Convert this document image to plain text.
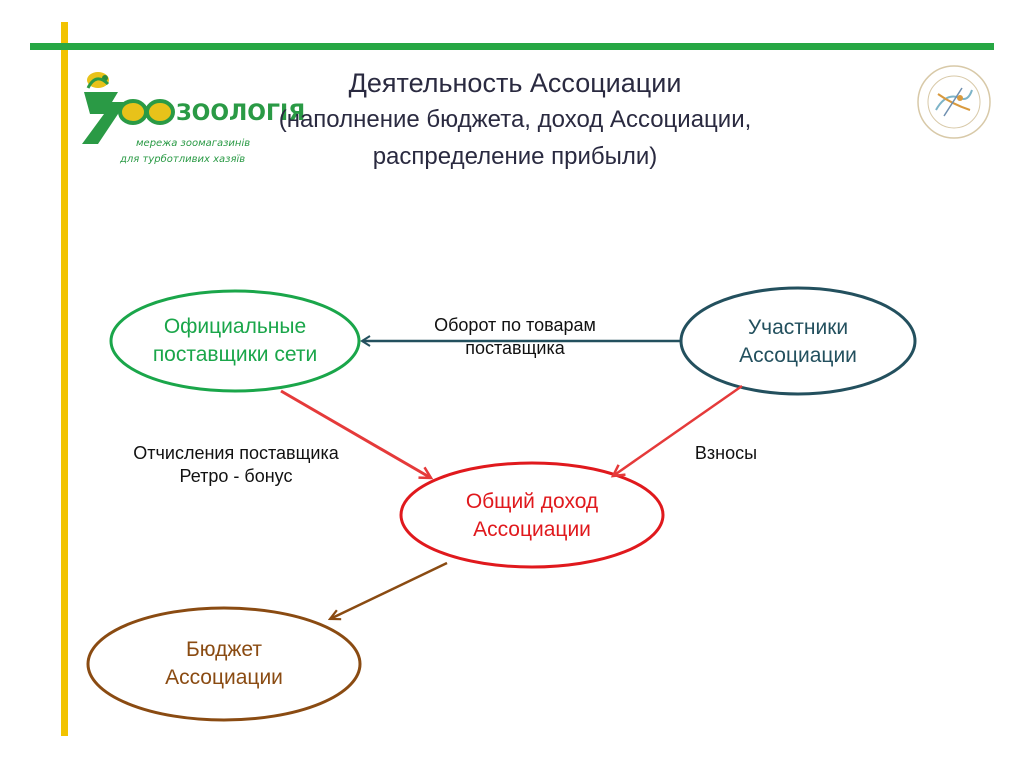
ЗООЛОГІЯ
мережа зоомагазинів
для турботливих хазяїв
Деятельность Ассоциации
(наполнение бюджета, доход Ассоциации,
распределение прибыли)
Официальные
поставщики сети
Участники
Ассоциации
Общий доход
Ассоциации
Бюджет
Ассоциации
Оборот по товарам
поставщика
Отчисления поставщика
Ретро - бонус
Взносы
